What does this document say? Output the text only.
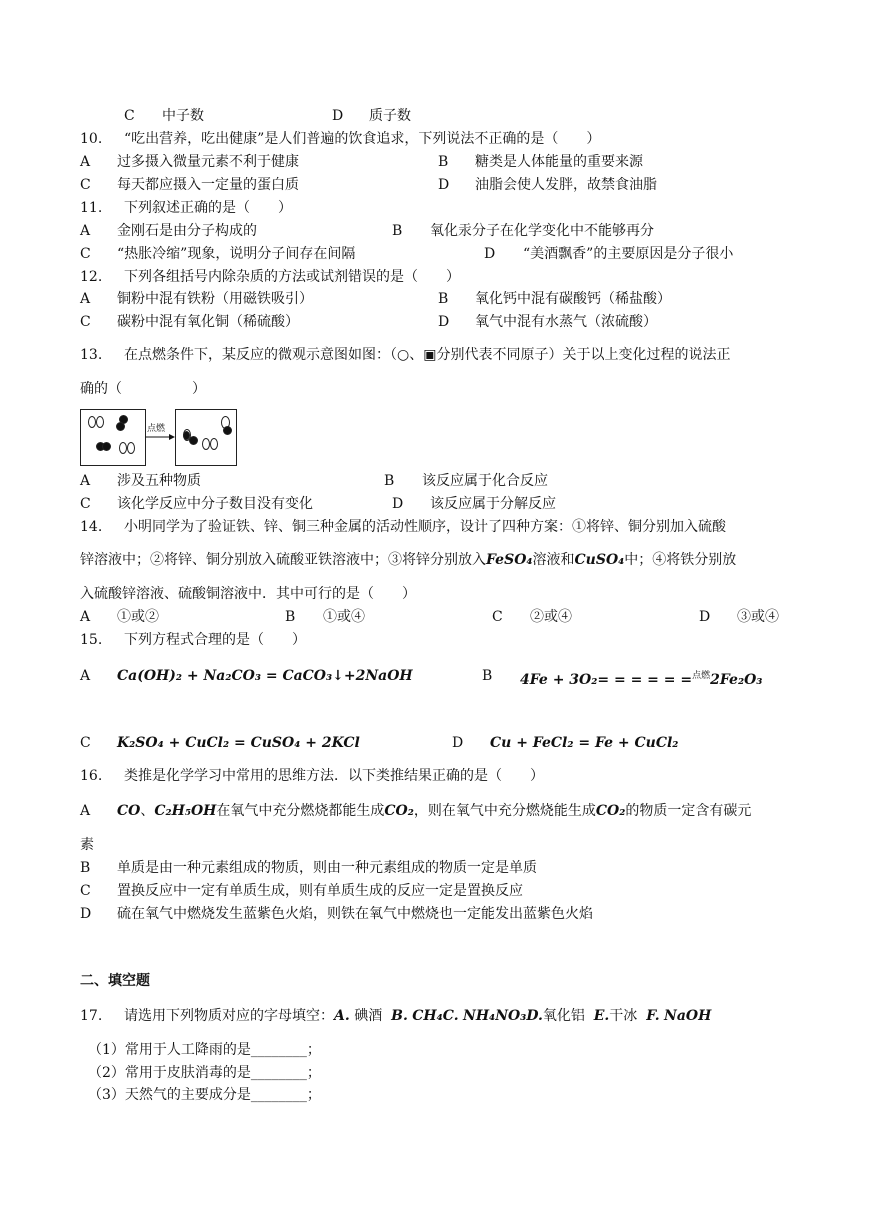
C 中子数	D 质子数
10. “吃出营养，吃出健康”是人们普遍的饮食追求，下列说法不正确的是（　　）
A 过多摄入微量元素不利于健康	B 糖类是人体能量的重要来源
C 每天都应摄入一定量的蛋白质	D 油脂会使人发胖，故禁食油脂
11. 下列叙述正确的是（　　）
A 金刚石是由分子构成的	B 氧化汞分子在化学变化中不能够再分
C “热胀冷缩”现象，说明分子间存在间隔	D “美酒飘香”的主要原因是分子很小
12. 下列各组括号内除杂质的方法或试剂错误的是（　　）
A 铜粉中混有铁粉（用磁铁吸引）	B 氧化钙中混有碳酸钙（稀盐酸）
C 碳粉中混有氧化铜（稀硫酸）	D 氧气中混有水蒸气（浓硫酸）
13. 在点燃条件下，某反应的微观示意图如图：（○、▣分别代表不同原子）关于以上变化过程的说法正
确的（　　　　　）
点燃
A 涉及五种物质	B 该反应属于化合反应
C 该化学反应中分子数目没有变化	D 该反应属于分解反应
14. 小明同学为了验证铁、锌、铜三种金属的活动性顺序，设计了四种方案：①将锌、铜分别加入硫酸
锌溶液中；②将锌、铜分别放入硫酸亚铁溶液中；③将锌分别放入FeSO₄溶液和CuSO₄中；④将铁分别放
入硫酸锌溶液、硫酸铜溶液中．其中可行的是（　　）
A ①或②	B ①或④	C ②或④	D ③或④
15. 下列方程式合理的是（　　）
A Ca(OH)₂ + Na₂CO₃ = CaCO₃↓+2NaOH	B 4Fe + 3O₂= = = = = =$^{点燃}$2Fe₂O₃
C K₂SO₄ + CuCl₂ = CuSO₄ + 2KCl	D Cu + FeCl₂ = Fe + CuCl₂
16. 类推是化学学习中常用的思维方法．以下类推结果正确的是（　　）
A CO、C₂H₅OH在氧气中充分燃烧都能生成CO₂，则在氧气中充分燃烧能生成CO₂的物质一定含有碳元
素
B 单质是由一种元素组成的物质，则由一种元素组成的物质一定是单质
C 置换反应中一定有单质生成，则有单质生成的反应一定是置换反应
D 硫在氧气中燃烧发生蓝紫色火焰，则铁在氧气中燃烧也一定能发出蓝紫色火焰
二、填空题
17. 请选用下列物质对应的字母填空：A. 碘酒 B. CH₄C. NH₄NO₃D.氧化铝 E.干冰 F. NaOH
（1）常用于人工降雨的是________；
（2）常用于皮肤消毒的是________；
（3）天然气的主要成分是________；
